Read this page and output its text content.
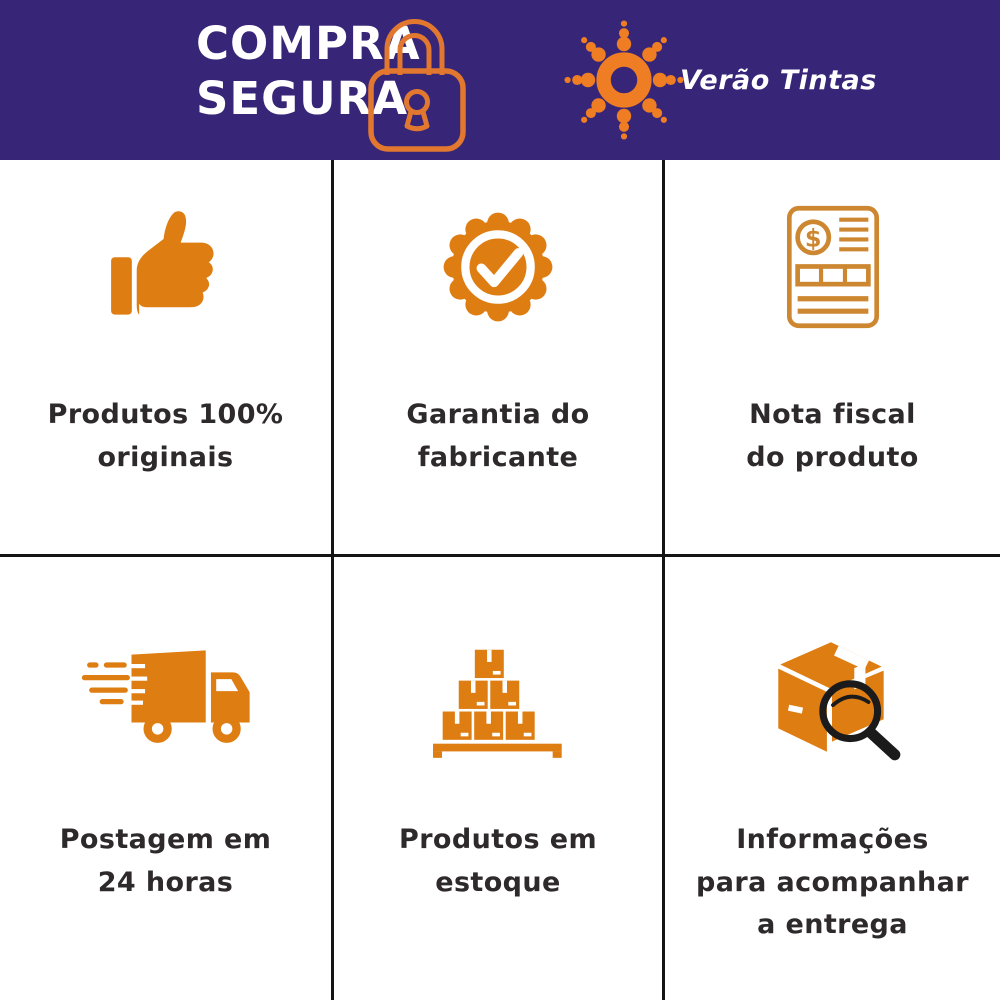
COMPRA
SEGURA	Verão Tintas

Produtos 100%
originais

Garantia do
fabricante

$

Nota fiscal
do produto

Postagem em
24 horas

Produtos em
estoque

Informações
para acompanhar
a entrega
